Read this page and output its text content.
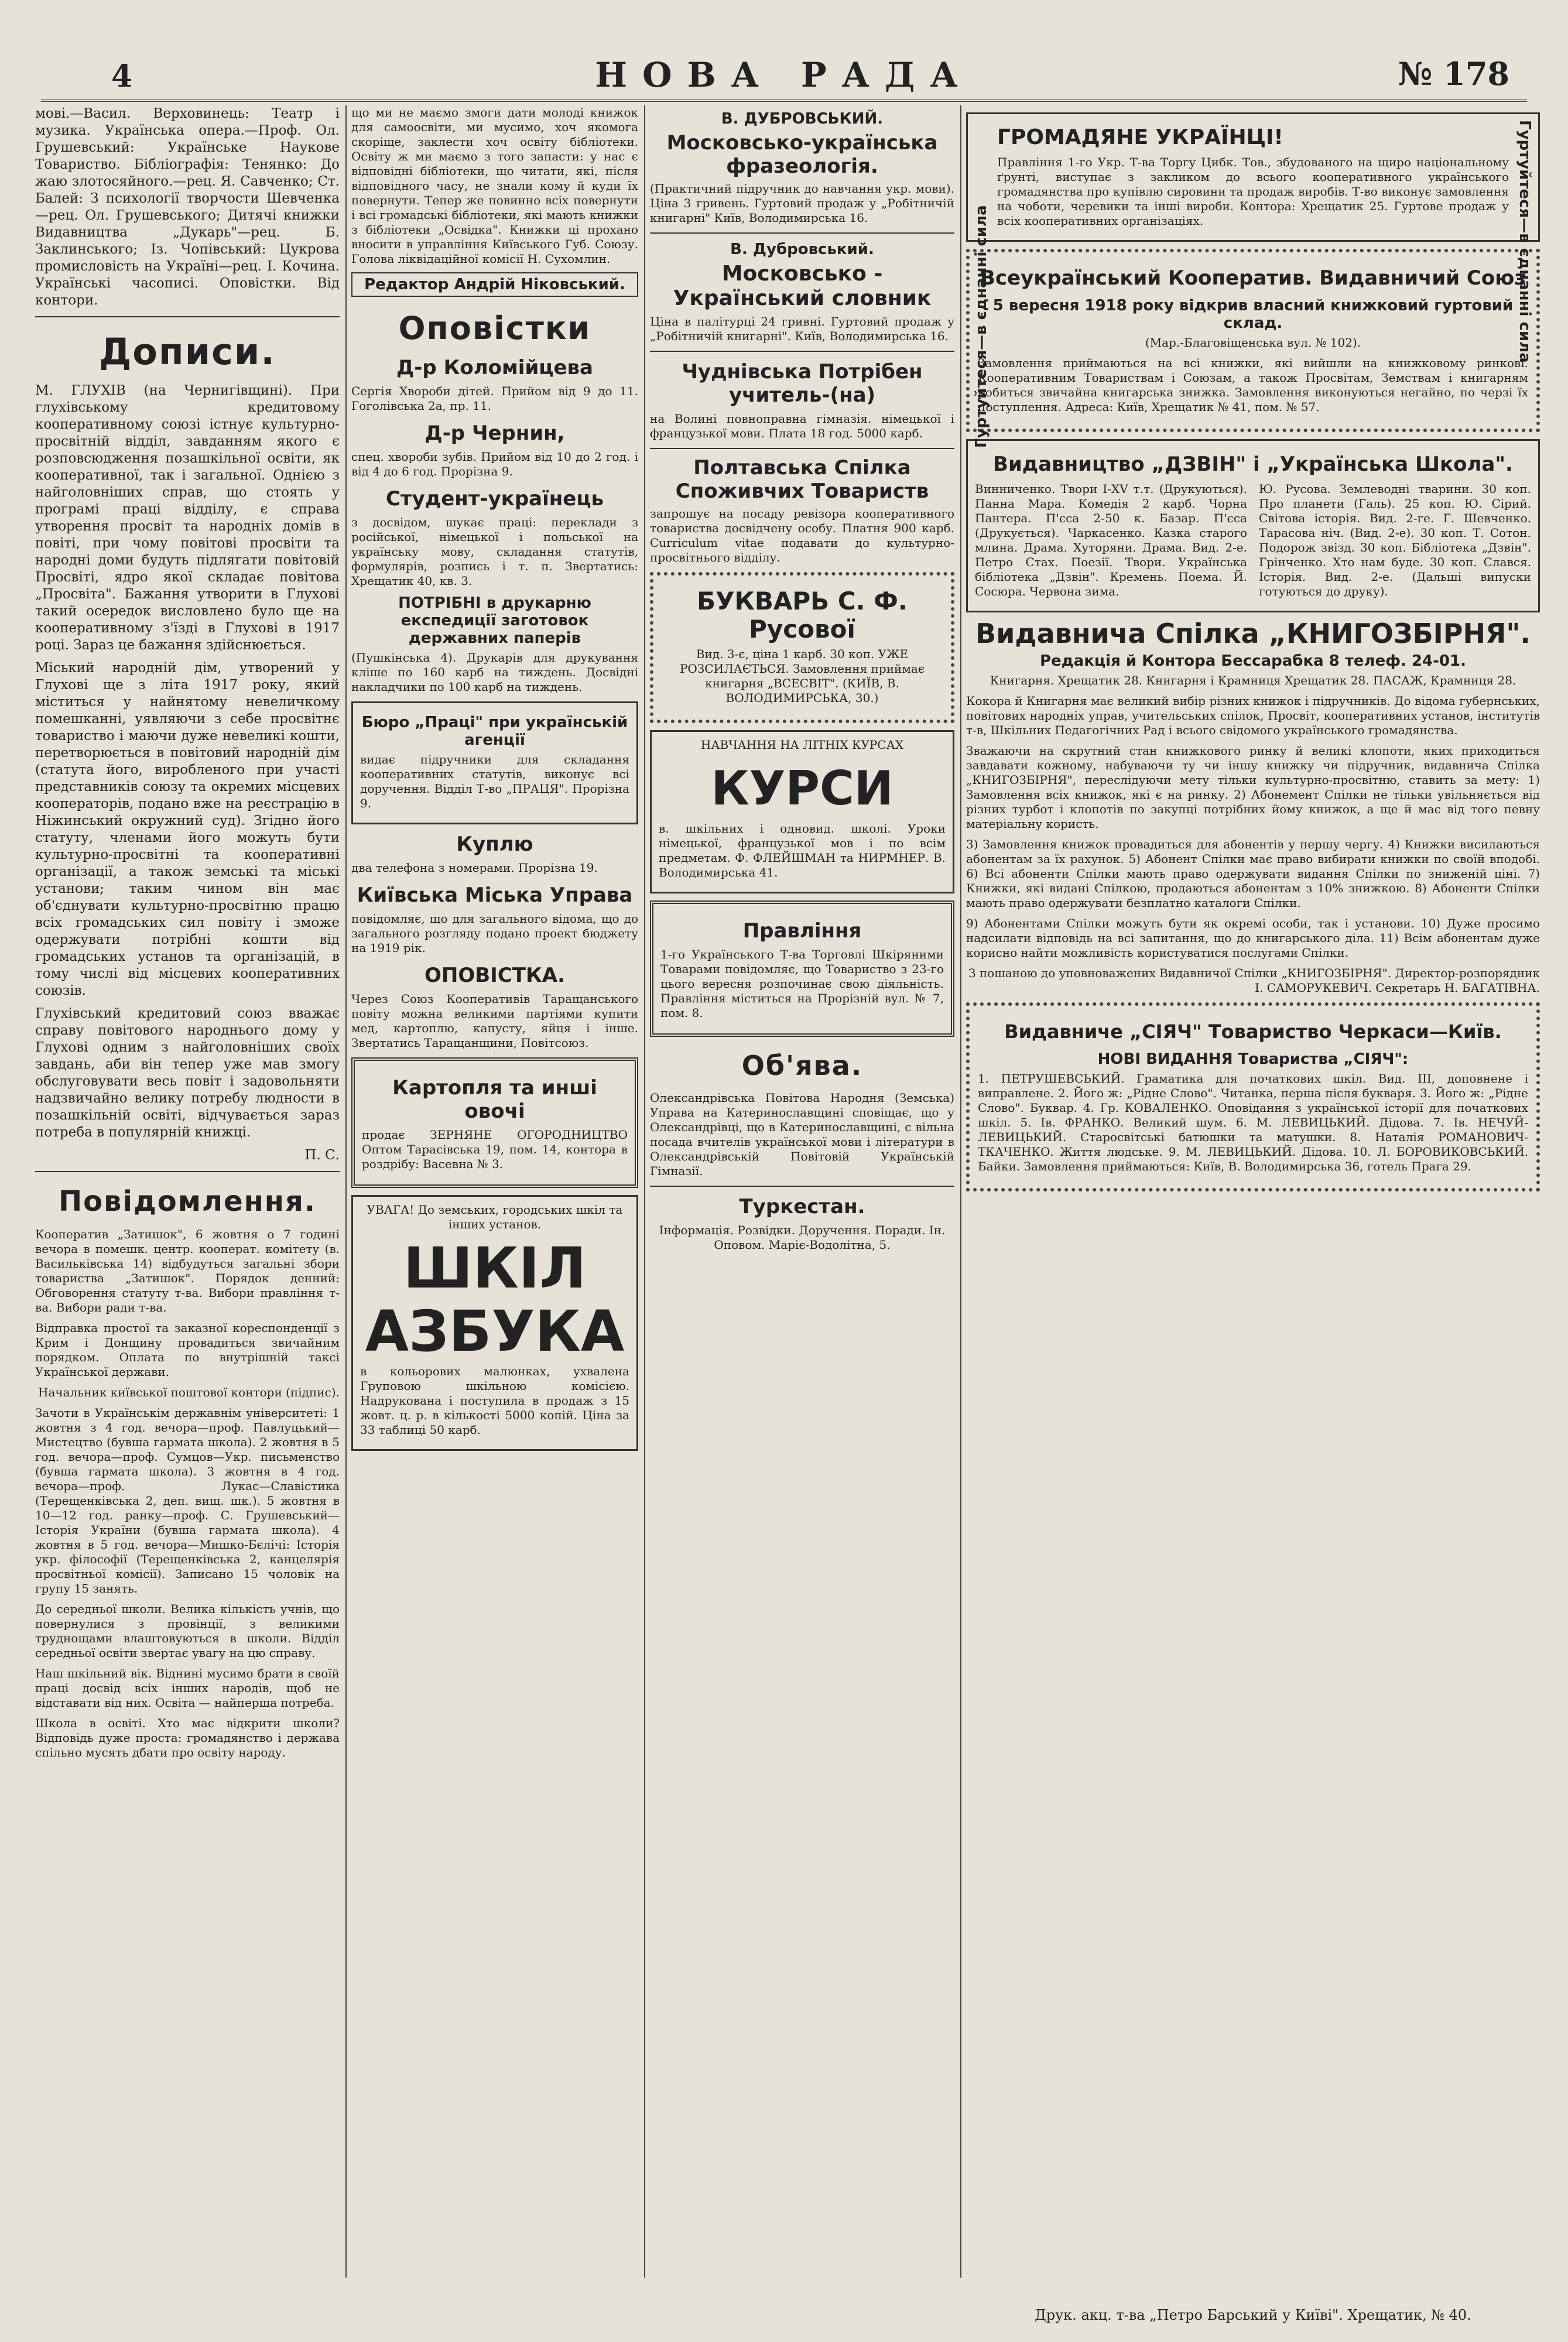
4	НОВА РАДА	№ 178

мові.—Васил. Верховинець: Театр і музика. Українська опера.—Проф. Ол. Грушевський: Українське Наукове Товариство. Бібліографія: Тенянко: До жаю злотосяйного.—рец. Я. Савченко; Ст. Балей: З психології творчости Шевченка—рец. Ол. Грушевського; Дитячі книжки Видавництва „Дукарь"—рец. Б. Заклинського; Із. Чопівський: Цукрова промисловість на Україні—рец. І. Кочина. Українські часописі. Оповістки. Від контори.

Дописи.

М. ГЛУХІВ (на Чернигівщині). При глухівському кредитовому кооперативному союзі істнує культурно-просвітній відділ, завданням якого є розповсюдження позашкільної освіти, як кооперативної, так і загальної. Однією з найголовніших справ, що стоять у програмі праці відділу, є справа утворення просвіт та народніх домів в повіті, при чому повітові просвіти та народні доми будуть підлягати повітовій Просвіті, ядро якої складає повітова „Просвіта". Бажання утворити в Глухові такий осередок висловлено було ще на кооперативному з'їзді в Глухові в 1917 році. Зараз це бажання здійснюється.

Міський народній дім, утворений у Глухові ще з літа 1917 року, який міститься у найнятому невеличкому помешканні, уявляючи з себе просвітнє товариство і маючи дуже невеликі кошти, перетворюється в повітовий народній дім (статута його, виробленого при участі представників союзу та окремих місцевих кооператорів, подано вже на реєстрацію в Ніжинський окружний суд). Згідно його статуту, членами його можуть бути культурно-просвітні та кооперативні організації, а також земські та міські установи; таким чином він має об'єднувати культурно-просвітню працю всіх громадських сил повіту і зможе одержувати потрібні кошти від громадських установ та організацій, в тому числі від місцевих кооперативних союзів.

Глухівський кредитовий союз вважає справу повітового народнього дому у Глухові одним з найголовніших своїх завдань, аби він тепер уже мав змогу обслуговувати весь повіт і задовольняти надзвичайно велику потребу людности в позашкільній освіті, відчувається зараз потреба в популярній книжці.

П. С.

Повідомлення.

Кооператив „Затишок", 6 жовтня о 7 годині вечора в помешк. центр. кооперат. комітету (в. Васильківська 14) відбудуться загальні збори товариства „Затишок". Порядок денний: Обговорення статуту т-ва. Вибори правління т-ва. Вибори ради т-ва.

Відправка простої та заказної кореспонденції з Крим і Донщину провадиться звичайним порядком. Оплата по внутрішній таксі Української держави.

Начальник київської поштової контори (підпис).

Зачоти в Українськім державнім університеті: 1 жовтня з 4 год. вечора—проф. Павлуцький—Мистецтво (бувша гармата школа). 2 жовтня в 5 год. вечора—проф. Сумцов—Укр. письменство (бувша гармата школа). 3 жовтня в 4 год. вечора—проф. Лукас—Славістика (Терещенківська 2, деп. вищ. шк.). 5 жовтня в 10—12 год. ранку—проф. С. Грушевський—Історія України (бувша гармата школа). 4 жовтня в 5 год. вечора—Мишко-Бєлічі: Історія укр. філософії (Терещенківська 2, канцелярія просвітньої комісії). Записано 15 чоловік на групу 15 занять.

До середньої школи. Велика кількість учнів, що повернулися з провінції, з великими труднощами влаштовуються в школи. Відділ середньої освіти звертає увагу на цю справу.

Наш шкільний вік. Віднині мусимо брати в своїй праці досвід всіх інших народів, щоб не відставати від них. Освіта — найперша потреба.

Школа в освіті. Хто має відкрити школи? Відповідь дуже проста: громадянство і держава спільно мусять дбати про освіту народу.

що ми не маємо змоги дати молоді книжок для самоосвіти, ми мусимо, хоч якомога скоріще, заклести хоч освіту бібліотеки. Освіту ж ми маємо з того запасти: у нас є відповідні бібліотеки, що читати, які, після відповідного часу, не знали кому й куди їх повернути. Тепер же повинно всіх повернути і всі громадські бібліотеки, які мають книжки з бібліотеки „Освідка". Книжки ці прохано вносити в управління Київського Губ. Союзу. Голова ліквідаційної комісії Н. Сухомлин.

Редактор Андрій Ніковський.
Оповістки
Д-р Коломійцева

Сергія Хвороби дітей. Прийом від 9 до 11. Гоголівська 2а, пр. 11.

Д-р Чернин,

спец. хвороби зубів. Прийом від 10 до 2 год. і від 4 до 6 год. Прорізна 9.

Студент-українець

з досвідом, шукає праці: переклади з російської, німецької і польської на українську мову, складання статутів, формулярів, розпись і т. п. Звертатись: Хрещатик 40, кв. 3.

ПОТРІБНІ в друкарню експедиції заготовок державних паперів

(Пушкінська 4). Друкарів для друкування кліше по 160 карб на тиждень. Досвідні накладчики по 100 карб на тиждень.

Бюро „Праці" при українській агенції

видає підручники для складання кооперативних статутів, виконує всі доручення. Відділ Т-во „ПРАЦЯ". Прорізна 9.

Куплю

два телефона з номерами. Прорізна 19.

Київська Міська Управа

повідомляє, що для загального відома, що до загального розгляду подано проект бюджету на 1919 рік.

ОПОВІСТКА.

Через Союз Кооперативів Таращанського повіту можна великими партіями купити мед, картоплю, капусту, яйця і інше. Звертатись Таращанщини, Повітсоюз.

Картопля та инші овочі

продає ЗЕРНЯНЕ ОГОРОДНИЦТВО Оптом Тарасівська 19, пом. 14, контора в роздрібу: Васевна № 3.

УВАГА! До земських, городських шкіл та інших установ.

ШКІЛ
АЗБУКА

в кольорових малюнках, ухвалена Груповою шкільною комісією. Надрукована і поступила в продаж з 15 жовт. ц. р. в кількості 5000 копій. Ціна за 33 таблиці 50 карб.

В. ДУБРОВСЬКИЙ.
Московсько-українська фразеологія.

(Практичний підручник до навчання укр. мови). Ціна 3 гривень. Гуртовий продаж у „Робітничій книгарні" Київ, Володимирська 16.

В. Дубровський.
Московсько - Український словник

Ціна в палітурці 24 гривні. Гуртовий продаж у „Робітничій книгарні". Київ, Володимирська 16.

Чуднівська Потрібен учитель-(на)

на Волині повноправна гімназія. німецької і французької мови. Плата 18 год. 5000 карб.

Полтавська Спілка Споживчих Товариств

запрошує на посаду ревізора кооперативного товариства досвідчену особу. Платня 900 карб. Curriculum vitae подавати до культурно-просвітнього відділу.

БУКВАРЬ С. Ф. Русової

Вид. 3-є, ціна 1 карб. 30 коп. УЖЕ РОЗСИЛАЄТЬСЯ. Замовлення приймає книгарня „ВСЕСВІТ". (КИЇВ, В. ВОЛОДИМИРСЬКА, 30.)

НАВЧАННЯ НА ЛІТНІХ КУРСАХ

КУРСИ

в. шкільних і одновид. школі. Уроки німецької, французької мов і по всім предметам. Ф. ФЛЕЙШМАН та НИРМНЕР. В. Володимирська 41.

Правління

1-го Українського Т-ва Торговлі Шкіряними Товарами повідомляє, що Товариство з 23-го цього вересня розпочинає свою діяльність. Правління міститься на Прорізній вул. № 7, пом. 8.

Об'ява.

Олександрівська Повітова Народня (Земська) Управа на Катеринославщині сповіщає, що у Олександрівці, що в Катеринославщині, є вільна посада вчителів української мови і літератури в Олександрівській Повітовій Українській Гімназії.

Туркестан.

Інформація. Розвідки. Доручення. Поради. Ін. Оповом. Маріє-Водолітна, 5.

Гуртуйтеся—в єднанні сила	Гуртуйтеся—в єднанні сила
ГРОМАДЯНЕ УКРАЇНЦІ!

Правління 1-го Укр. Т-ва Торгу Цибк. Тов., збудованого на щиро національному ґрунті, виступає з закликом до всього кооперативного українського громадянства про купівлю сировини та продаж виробів. Т-во виконує замовлення на чоботи, черевики та інші вироби. Контора: Хрещатик 25. Гуртове продаж у всіх кооперативних організаціях.

Всеукраїнський Кооператив. Видавничий Союз
5 вересня 1918 року відкрив власний книжковий гуртовий склад.

(Мар.-Благовіщенська вул. № 102).

Замовлення приймаються на всі книжки, які вийшли на книжковому ринкові. Кооперативним Товариствам і Союзам, а також Просвітам, Земствам і книгарням робиться звичайна книгарська знижка. Замовлення виконуються негайно, по черзі їх поступлення. Адреса: Київ, Хрещатик № 41, пом. № 57.

Видавництво „ДЗВІН" і „Українська Школа".

Винниченко. Твори І-ХV т.т. (Друкуються). Панна Мара. Комедія 2 карб. Чорна Пантера. П'єса 2-50 к. Базар. П'єса (Друкується). Чаркасенко. Казка старого млина. Драма. Хуторяни. Драма. Вид. 2-е. Петро Стах. Поезії. Твори. Українська бібліотека „Дзвін". Кремень. Поема. Й. Сосюра. Червона зима.

Ю. Русова. Землеводні тварини. 30 коп. Про планети (Галь). 25 коп. Ю. Сірий. Світова історія. Вид. 2-ге. Г. Шевченко. Тарасова ніч. (Вид. 2-е). 30 коп. Т. Сотон. Подорож звізд. 30 коп. Бібліотека „Дзвін". Грінченко. Хто нам буде. 30 коп. Слався. Історія. Вид. 2-е. (Дальші випуски готуються до друку).

Видавнича Спілка „КНИГОЗБІРНЯ".
Редакція й Контора Бессарабка 8 телеф. 24-01.

Книгарня. Хрещатик 28. Книгарня і Крамниця Хрещатик 28. ПАСАЖ, Крамниця 28.

Кокора й Книгарня має великий вибір різних книжок і підручників. До відома губернських, повітових народніх управ, учительських спілок, Просвіт, кооперативних установ, інститутів т-в, Шкільних Педагогічних Рад і всього свідомого українського громадянства.

Зважаючи на скрутний стан книжкового ринку й великі клопоти, яких приходиться завдавати кожному, набуваючи ту чи іншу книжку чи підручник, видавнича Спілка „КНИГОЗБІРНЯ", переслідуючи мету тільки культурно-просвітню, ставить за мету: 1) Замовлення всіх книжок, які є на ринку. 2) Абонемент Спілки не тільки увільняється від різних турбот і клопотів по закупці потрібних йому книжок, а ще й має від того певну матеріальну користь.

3) Замовлення книжок провадиться для абонентів у першу чергу. 4) Книжки висилаються абонентам за їх рахунок. 5) Абонент Спілки має право вибирати книжки по своїй вподобі. 6) Всі абоненти Спілки мають право одержувати видання Спілки по зниженій ціні. 7) Книжки, які видані Спілкою, продаються абонентам з 10% знижкою. 8) Абоненти Спілки мають право одержувати безплатно каталоги Спілки.

9) Абонентами Спілки можуть бути як окремі особи, так і установи. 10) Дуже просимо надсилати відповідь на всі запитання, що до книгарського діла. 11) Всім абонентам дуже корисно найти можливість користуватися послугами Спілки.

З пошаною до уповноважених Видавничої Спілки „КНИГОЗБІРНЯ". Директор-розпорядник І. САМОРУКЕВИЧ. Секретарь Н. БАГАТІВНА.

Видавниче „СІЯЧ" Товариство Черкаси—Київ.
НОВІ ВИДАННЯ Товариства „СІЯЧ":

1. ПЕТРУШЕВСЬКИЙ. Граматика для початкових шкіл. Вид. III, доповнене і виправлене. 2. Його ж: „Рідне Слово". Читанка, перша після букваря. 3. Його ж: „Рідне Слово". Буквар. 4. Гр. КОВАЛЕНКО. Оповідання з української історії для початкових шкіл. 5. Ів. ФРАНКО. Великий шум. 6. М. ЛЕВИЦЬКИЙ. Дідова. 7. Ів. НЕЧУЙ-ЛЕВИЦЬКИЙ. Старосвітські батюшки та матушки. 8. Наталія РОМАНОВИЧ-ТКАЧЕНКО. Життя людське. 9. М. ЛЕВИЦЬКИЙ. Дідова. 10. Л. БОРОВИКОВСЬКИЙ. Байки. Замовлення приймаються: Київ, В. Володимирська 36, готель Прага 29.

Друк. акц. т-ва „Петро Барський у Київі". Хрещатик, № 40.
